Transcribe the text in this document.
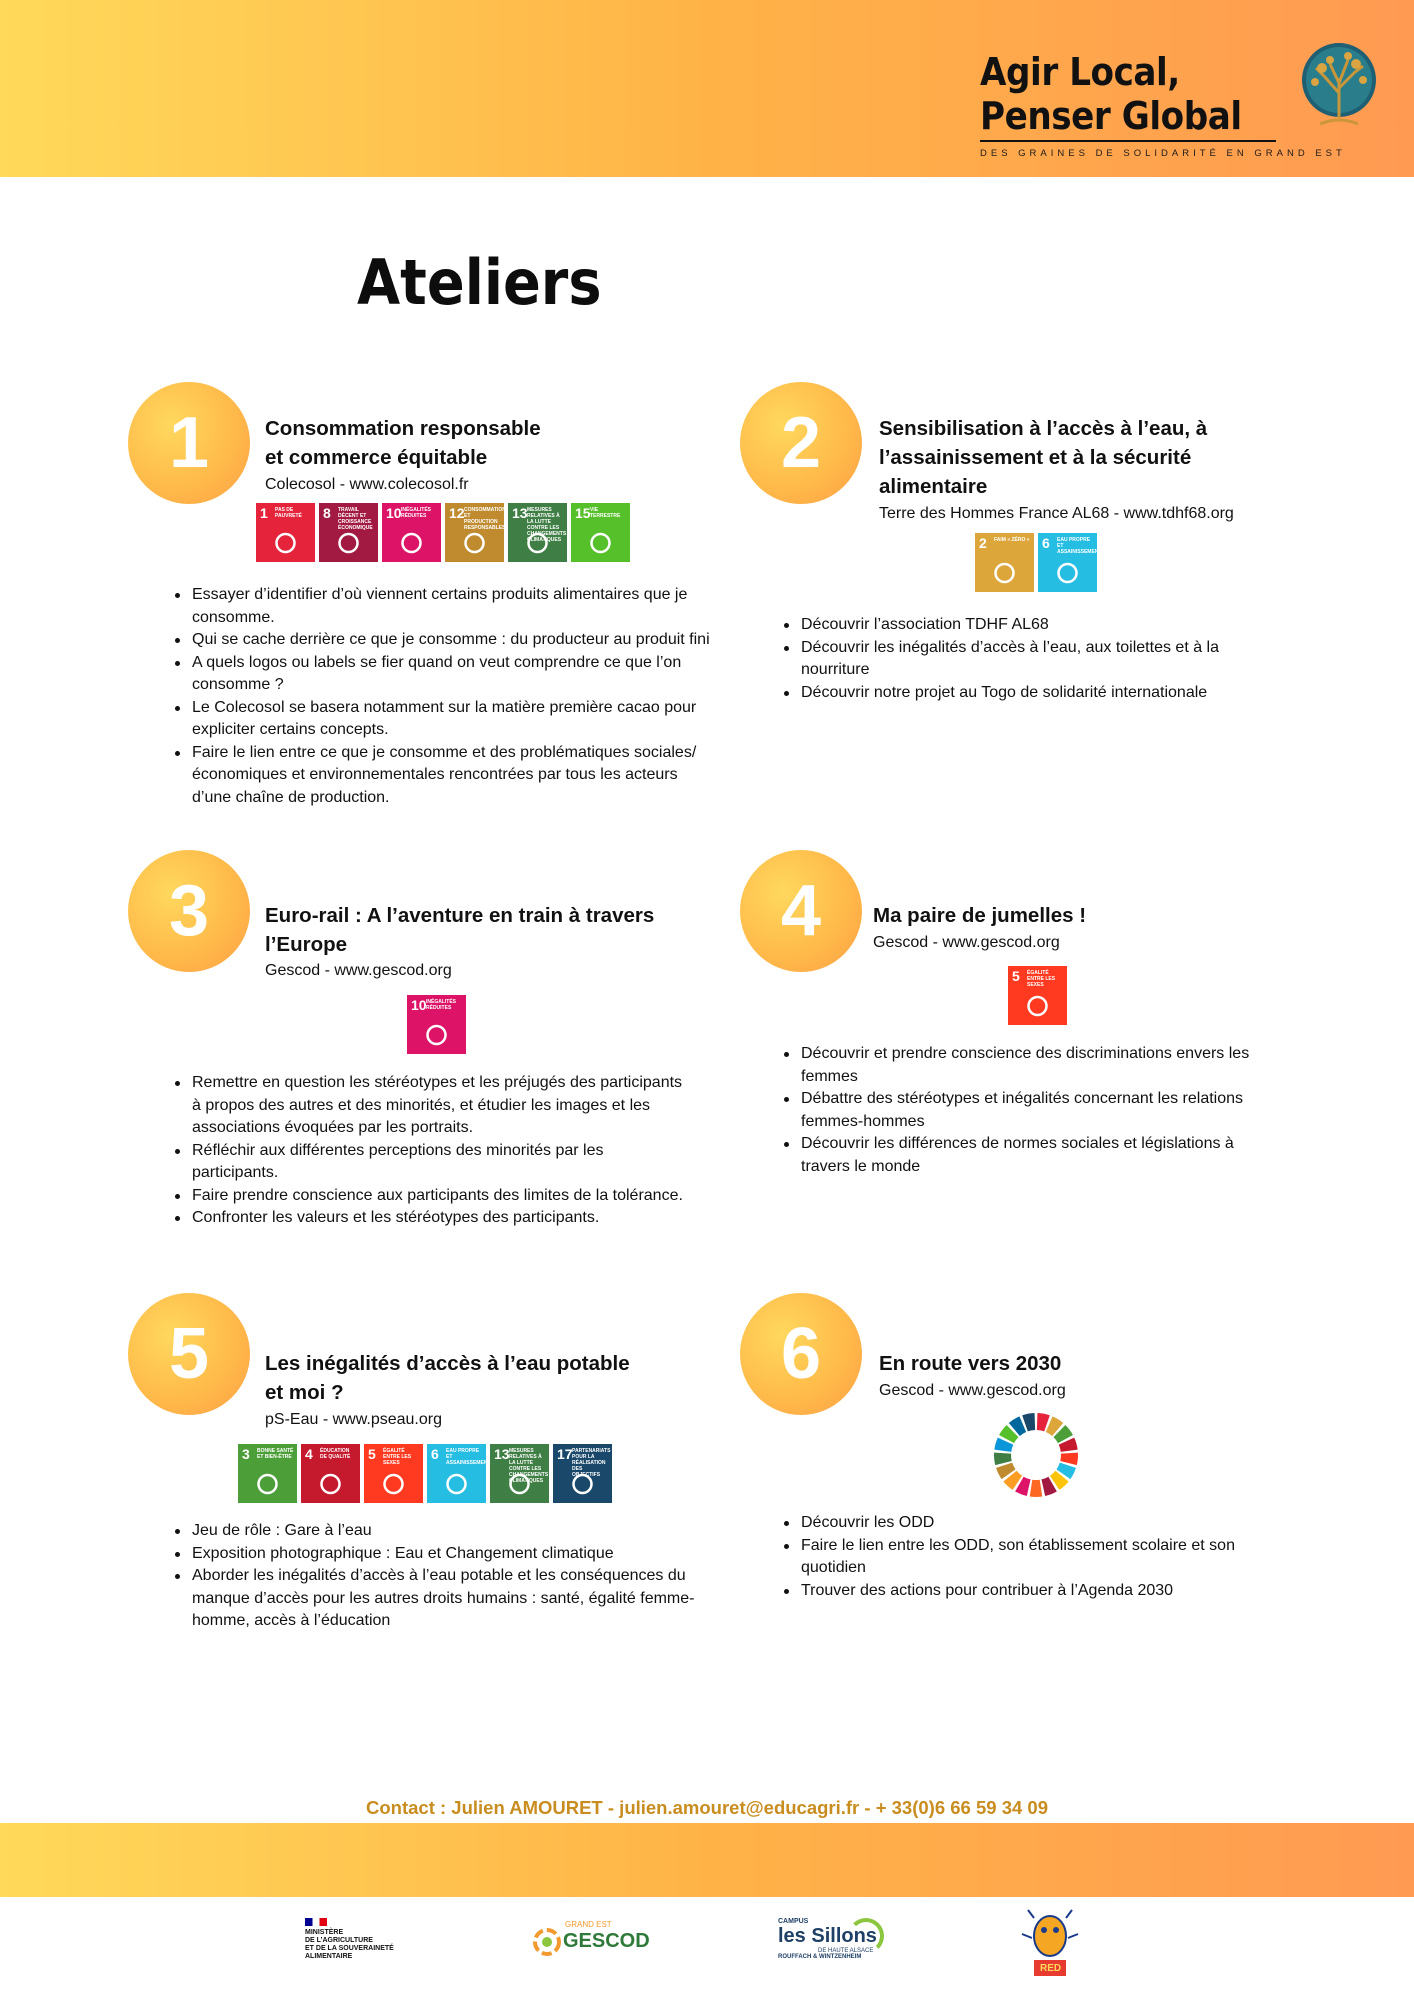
Agir Local,
Penser Global
DES GRAINES DE SOLIDARITÉ EN GRAND EST
Ateliers
1	Consommation responsable
et commerce équitable
Colecosol - www.colecosol.fr
1 PAS DE PAUVRETÉ	8 TRAVAIL DÉCENT ET CROISSANCE ÉCONOMIQUE
10 INÉGALITÉS RÉDUITES	12 CONSOMMATION ET PRODUCTION RESPONSABLES
13 MESURES RELATIVES À LA LUTTE CONTRE LES CHANGEMENTS CLIMATIQUES
15 VIE TERRESTRE
Essayer d’identifier d’où viennent certains produits alimentaires que je consomme.
Qui se cache derrière ce que je consomme : du producteur au produit fini
A quels logos ou labels se fier quand on veut comprendre ce que l’on consomme ?
Le Colecosol se basera notamment sur la matière première cacao pour expliciter certains concepts.
Faire le lien entre ce que je consomme et des problématiques sociales/économiques et environnementales rencontrées par tous les acteurs d’une chaîne de production.
2	Sensibilisation à l’accès à l’eau, à
l’assainissement et à la sécurité
alimentaire
Terre des Hommes France AL68 - www.tdhf68.org
2 FAIM « ZÉRO » 6 EAU PROPRE ET ASSAINISSEMENT
Découvrir l’association TDHF AL68
Découvrir les inégalités d’accès à l’eau, aux toilettes et à la nourriture
Découvrir notre projet au Togo de solidarité internationale
3	Euro-rail : A l’aventure en train à travers
l’Europe
Gescod - www.gescod.org
10 INÉGALITÉS RÉDUITES
Remettre en question les stéréotypes et les préjugés des participants à propos des autres et des minorités, et étudier les images et les associations évoquées par les portraits.
Réfléchir aux différentes perceptions des minorités par les participants.
Faire prendre conscience aux participants des limites de la tolérance.
Confronter les valeurs et les stéréotypes des participants.
4	Ma paire de jumelles !
Gescod - www.gescod.org
5 ÉGALITÉ ENTRE LES SEXES
Découvrir et prendre conscience des discriminations envers les femmes
Débattre des stéréotypes et inégalités concernant les relations femmes-hommes
Découvrir les différences de normes sociales et législations à travers le monde
5	Les inégalités d’accès à l’eau potable
et moi ?
pS-Eau - www.pseau.org
3 BONNE SANTÉ ET BIEN-ÊTRE 4 ÉDUCATION DE QUALITÉ	5 ÉGALITÉ ENTRE LES SEXES
6 EAU PROPRE ET ASSAINISSEMENT
13 MESURES RELATIVES À LA LUTTE CONTRE LES CHANGEMENTS CLIMATIQUES
17 PARTENARIATS POUR LA RÉALISATION DES OBJECTIFS
Jeu de rôle : Gare à l’eau
Exposition photographique : Eau et Changement climatique
Aborder les inégalités d’accès à l’eau potable et les conséquences du manque d’accès pour les autres droits humains : santé, égalité femme-homme, accès à l’éducation
6	En route vers 2030
Gescod - www.gescod.org
Découvrir les ODD
Faire le lien entre les ODD, son établissement scolaire et son quotidien
Trouver des actions pour contribuer à l’Agenda 2030
Contact : Julien AMOURET - julien.amouret@educagri.fr - + 33(0)6 66 59 34 09
MINISTÈRE
DE L’AGRICULTURE
ET DE LA SOUVERAINETÉ
ALIMENTAIRE
GRAND EST
GESCOD
CAMPUS
les Sillons
DE HAUTE ALSACE
ROUFFACH & WINTZENHEIM
RED
